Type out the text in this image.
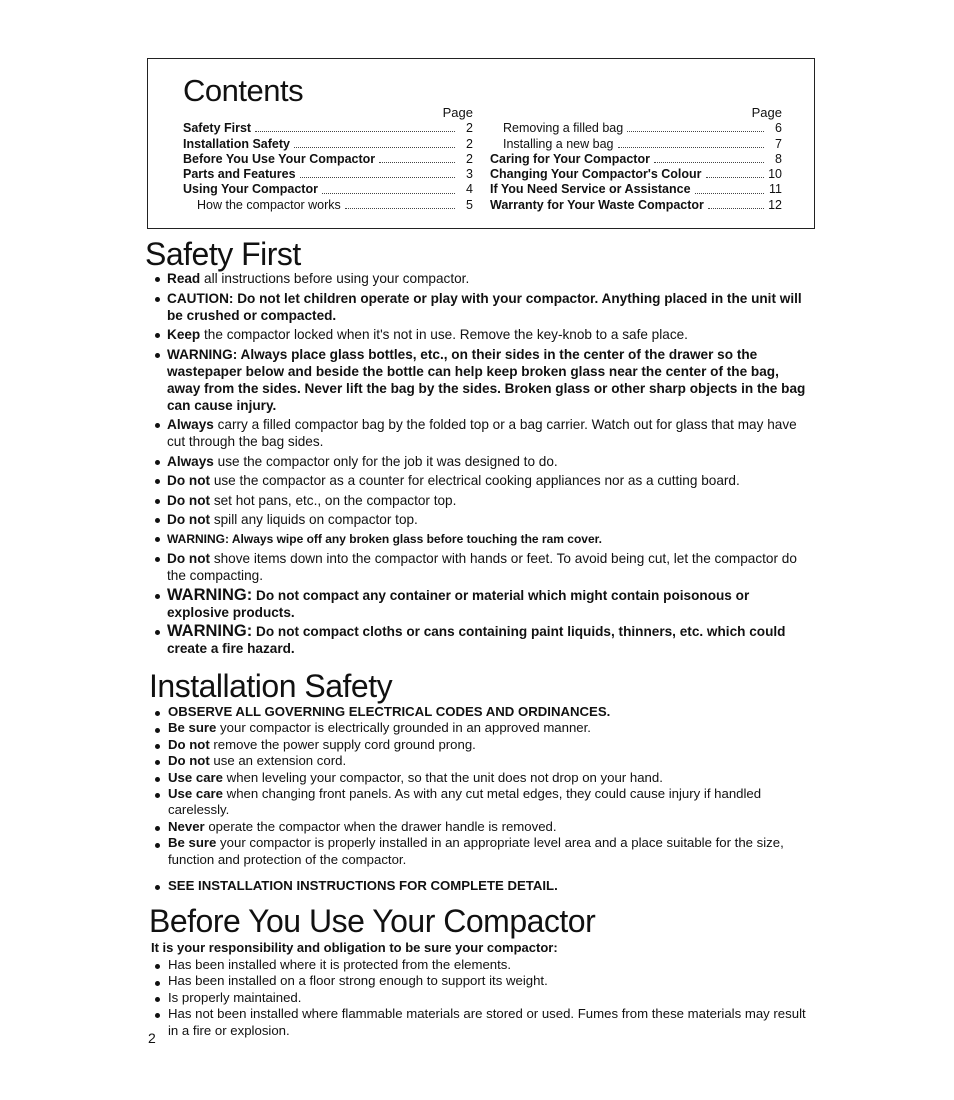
Contents
Page
Safety First	2
Installation Safety	2
Before You Use Your Compactor	2
Parts and Features	3
Using Your Compactor	4
How the compactor works	5
Page
Removing a filled bag	6
Installing a new bag	7
Caring for Your Compactor	8
Changing Your Compactor's Colour	10
If You Need Service or Assistance	11
Warranty for Your Waste Compactor	12
Safety First
Read all instructions before using your compactor.
CAUTION: Do not let children operate or play with your compactor. Anything placed in the unit will be crushed or compacted.
Keep the compactor locked when it's not in use. Remove the key-knob to a safe place.
WARNING: Always place glass bottles, etc., on their sides in the center of the drawer so the wastepaper below and beside the bottle can help keep broken glass near the center of the bag, away from the sides. Never lift the bag by the sides. Broken glass or other sharp objects in the bag can cause injury.
Always carry a filled compactor bag by the folded top or a bag carrier. Watch out for glass that may have cut through the bag sides.
Always use the compactor only for the job it was designed to do.
Do not use the compactor as a counter for electrical cooking appliances nor as a cutting board.
Do not set hot pans, etc., on the compactor top.
Do not spill any liquids on compactor top.
WARNING: Always wipe off any broken glass before touching the ram cover.
Do not shove items down into the compactor with hands or feet. To avoid being cut, let the compactor do the compacting.
WARNING: Do not compact any container or material which might contain poisonous or explosive products.
WARNING: Do not compact cloths or cans containing paint liquids, thinners, etc. which could create a fire hazard.
Installation Safety
OBSERVE ALL GOVERNING ELECTRICAL CODES AND ORDINANCES.
Be sure your compactor is electrically grounded in an approved manner.
Do not remove the power supply cord ground prong.
Do not use an extension cord.
Use care when leveling your compactor, so that the unit does not drop on your hand.
Use care when changing front panels. As with any cut metal edges, they could cause injury if handled carelessly.
Never operate the compactor when the drawer handle is removed.
Be sure your compactor is properly installed in an appropriate level area and a place suitable for the size, function and protection of the compactor.
SEE INSTALLATION INSTRUCTIONS FOR COMPLETE DETAIL.
Before You Use Your Compactor

It is your responsibility and obligation to be sure your compactor:

Has been installed where it is protected from the elements.
Has been installed on a floor strong enough to support its weight.
Is properly maintained.
Has not been installed where flammable materials are stored or used. Fumes from these materials may result in a fire or explosion.
2
